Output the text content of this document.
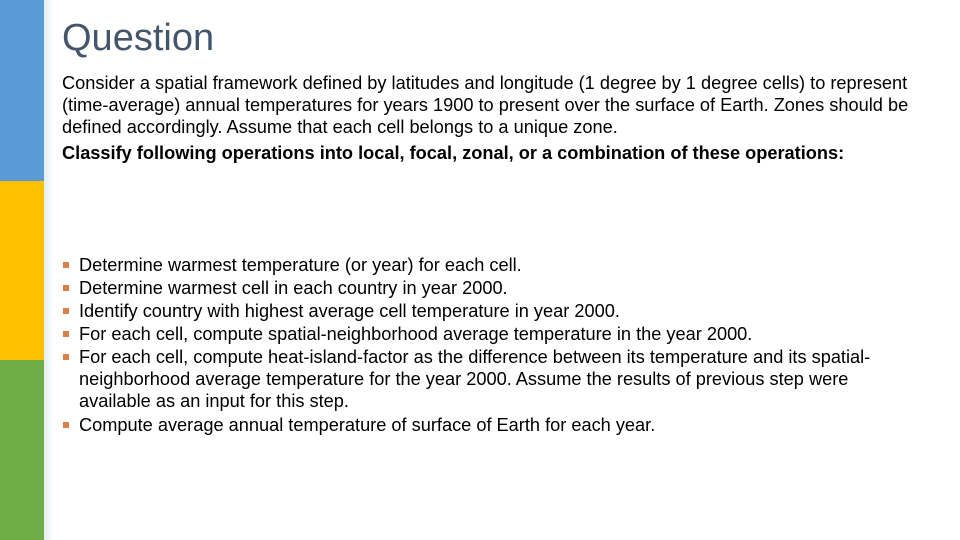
Question

Consider a spatial framework defined by latitudes and longitude (1 degree by 1 degree cells) to represent (time-average) annual temperatures for years 1900 to present over the surface of Earth. Zones should be defined accordingly. Assume that each cell belongs to a unique zone.

Classify following operations into local, focal, zonal, or a combination of these operations:

Determine warmest temperature (or year) for each cell.
Determine warmest cell in each country in year 2000.
Identify country with highest average cell temperature in year 2000.
For each cell, compute spatial-neighborhood average temperature in the year 2000.
For each cell, compute heat-island-factor as the difference between its temperature and its spatial-neighborhood average temperature for the year 2000. Assume the results of previous step were available as an input for this step.
Compute average annual temperature of surface of Earth for each year.
